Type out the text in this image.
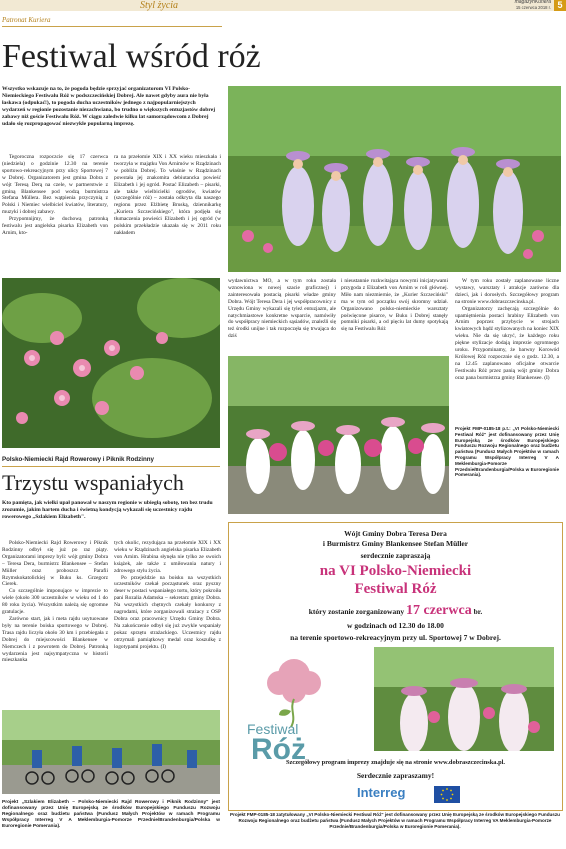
Styl życia	magazynKuriera
15 czerwca 2018 r. 5
Patronat Kuriera
Festiwal wśród róż
Wszystko wskazuje na to, że pogoda będzie sprzyjać organizatorom VI Polsko-Niemieckiego Festiwalu Róż w podszczecińskiej Dobrej. Ale nawet gdyby aura nie była łaskawa (odpukać!), to pogoda ducha uczestników jednego z najpopularniejszych wydarzeń w regionie pozostanie niezachwiana, bo trudno o większych entuzjastów dobrej zabawy niż goście Festiwalu Róż. W ciągu zaledwie kilku lat samorządowcom z Dobrej udało się rozpropagować niezwykle popularną imprezę.

Tegoroczna rozpoczcie się 17 czerwca (niedziela) o godzinie 12.30 na terenie sportowo-rekreacyjnym przy ulicy Sportowej 7 w Dobrej. Organizatorem jest gmina Dobra z wójt Teresą Derą na czele, w partnerstwie z gminą Blankensee pod wodzą burmistrza Stefana Müllera. Bez wątpienia przyczynią z Polski i Niemiec wielbiciel kwiatów, literatury, muzyki i dobrej zabawy.

Przypomnijmy, że duchową patronką festiwalu jest angielska pisarka Elizabeth von Arnim, kto-

ra na przełomie XIX i XX wieku mieszkała i tworzyła w majątku Von Arnimów w Rządzinach w pobliżu Dobrej. To właśnie w Rządzinach powstała jej znakomita debiutancka powieść Elizabeth i jej ogród. Postać Elizabeth – pisarki, ale także wielbicielki ogrodów, kwiatów (szczególnie róż) – została odkryta dla naszego regionu przez Elżbietę Bruską, dziennikarkę „Kuriera Szczecińskiego", która podjęła się tłumaczenia powieści Elizabeth i jej ogród (w polskim przekładzie ukazała się w 2011 roku nakładem

wydawnictwa MO, a w tym roku została wznowiona w nowej szacie graficznej) i zainteresowała postacią pisarki władze gminy Dobra. Wójt Teresa Dera i jej współpracownicy z Urzędu Gminy wykazali się tyleż entuzjazm, ale natychmiastowe konkretne wsparcie, namówiły do współpracy niemieckich sąsiadów, znaleźli się też środki unijne i tak rozpoczęła się trwająca do dziś

i nieustannie rozkwitająca nowymi inicjatywami przygoda z Elizabeth von Arnim w roli głównej. Miło nam niezmiernie, że „Kurier Szczeciński" ma w tym od początku swój skromny udział. Organizowano polsko-niemieckie warsztaty poświęcone pisarce, w Buku i Dobrej stanęły pomniki pisarki, a od pięciu lat dumy spotykają się na Festiwalu Róż

W tym roku zostały zaplanowane liczne wystawy, warsztaty i atrakcje zarówno dla dzieci, jak i dorosłych. Szczegółowy program na stronie www.dobraszczecinska.pl.

Organizatorzy zachęcają szczególnie do upamiętnienia postaci hrabiny Elizabeth von Arnim poprzez przybycie w strojach kwiatowych bądź stylizowanych na koniec XIX wieku. Nie da się ukryć, że każdego roku piękne stylizacje dodają imprezie ogromnego uroku. Przypominamy, że barwny Korowód Królowej Róż rozpocznie się o godz. 12.30, a na 12.45 zaplanowano oficjalne otwarcie Festiwalu Róż przez panią wójt gminy Dobra oraz pana burmistrza gminy Blankensee. (I)

Projekt FMP-0185-18 p.t.: „VI Polsko-Niemiecki Festiwal Róż" jest dofinansowany przez Unię Europejską ze środków Europejskiego Funduszu Rozwoju Regionalnego oraz budżetu państwa (Fundusz Małych Projektów w ramach Programu Współpracy Interreg V A Meklemburgia-Pomorze Przednie/Brandenburgia/Polska w Euroregionie Pomerania).
Polsko-Niemiecki Rajd Rowerowy i Piknik Rodzinny
Trzystu wspaniałych
Kto pamięta, jak wielki upał panował w naszym regionie w ubiegłą sobotę, ten bez trudu zrozumie, jakim hartem ducha i świetną kondycją wykazali się uczestnicy rajdu rowerowego „Szlakiem Elizabeth".

Polsko-Niemiecki Rajd Rowerowy i Piknik Rodzinny odbył się już po raz piąty. Organizatorami imprezy byli: wójt gminy Dobra – Teresa Dera, burmistrz Blankensee – Stefan Müller oraz proboszcz Parafii Rzymskokatolickiej w Buku ks. Grzegorz Cierek.

Co szczególnie imponujące w imprezie to wiele (około 300 uczestników w wieku od 1 do 80 roku życia). Wszystkim należą się ogromne gratulacje.

Zarówno start, jak i meta rajdu usytuowane były na terenie boiska sportowego w Dobrej. Trasa rajdu liczyła około 30 km i przebiegała z Dobrej do miejscowości Blankensee w Niemczech i z powrotem do Dobrej. Patronką wydarzenia jest najsympatyczna w historii mieszkanka

tych okolic, rezydująca na przełomie XIX i XX wieku w Rządzinach angielska pisarka Elizabeth von Arnim. Hrabina słynęła nie tylko ze swoich książek, ale także z umiłowania natury i zdrowego stylu życia.

Po przejeździe na boisku na wszystkich uczestników czekał począstunek oraz pyszny deser w postaci wspaniałego tortu, który pokroiła pani Rozalia Adamska – sekretarz gminy Dobra. Na wszystkich chętnych czekały konkursy z nagrodami, które zorganizowali strażacy z OSP Dobra oraz pracownicy Urzędu Gminy Dobra. Na zakończenie odbył się już zwykle wspaniały pokaz sprzętu strażackiego. Uczestnicy rajdu otrzymali pamiątkowy medal oraz koszulkę z logotypami projektu. (I)

Projekt „Szlakiem Elizabeth – Polsko-Niemiecki Rajd Rowerowy i Piknik Rodzinny" jest dofinansowany przez Unię Europejską ze środków Europejskiego Funduszu Rozwoju Regionalnego oraz budżetu państwa (Fundusz Małych Projektów w ramach Programu Współpracy Interreg V A Meklemburgia-Pomorze Przednie/Brandenburgia/Polska w Euroregionie Pomerania).
Wójt Gminy Dobra Teresa Dera
i Burmistrz Gminy Blankensee Stefan Müller
serdecznie zapraszają
na VI Polsko-Niemiecki
Festiwal Róż
który zostanie zorganizowany 17 czerwca br.
w godzinach od 12.30 do 18.00
na terenie sportowo-rekreacyjnym przy ul. Sportowej 7 w Dobrej.
Festiwal
Róż
Szczegółowy program imprezy znajduje się na stronie www.dobraszczecinska.pl.
Serdecznie zapraszamy!
Interreg
Projekt FMP-0185-18 zatytułowany „VI Polsko-Niemiecki Festiwal Róż" jest dofinansowany przez Unię Europejską ze środków Europejskiego Funduszu Rozwoju Regionalnego oraz budżetu państwa (Fundusz Małych Projektów w ramach Programu Współpracy Interreg VA Meklemburgia-Pomorze Przednie/Brandenburgia/Polska w Euroregionie Pomerania).
